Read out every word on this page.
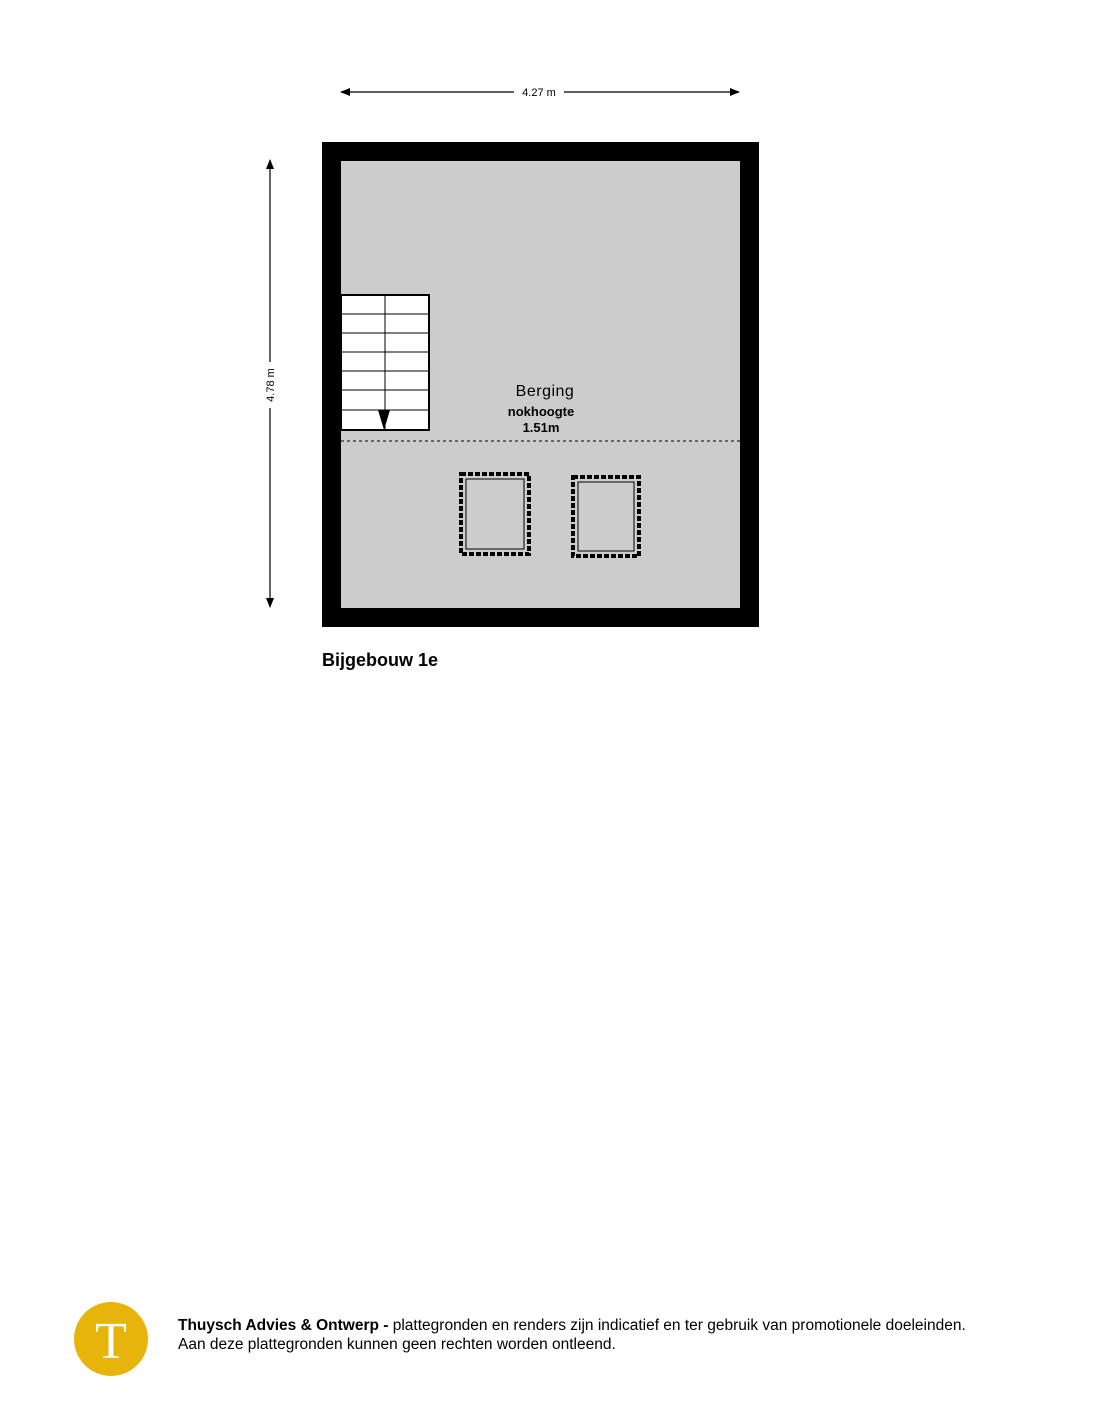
4.27 m
4.78 m	Berging
nokhoogte
1.51m
Bijgebouw 1e
T	Thuysch Advies & Ontwerp - plattegronden en renders zijn indicatief en ter gebruik van promotionele doeleinden.
Aan deze plattegronden kunnen geen rechten worden ontleend.
